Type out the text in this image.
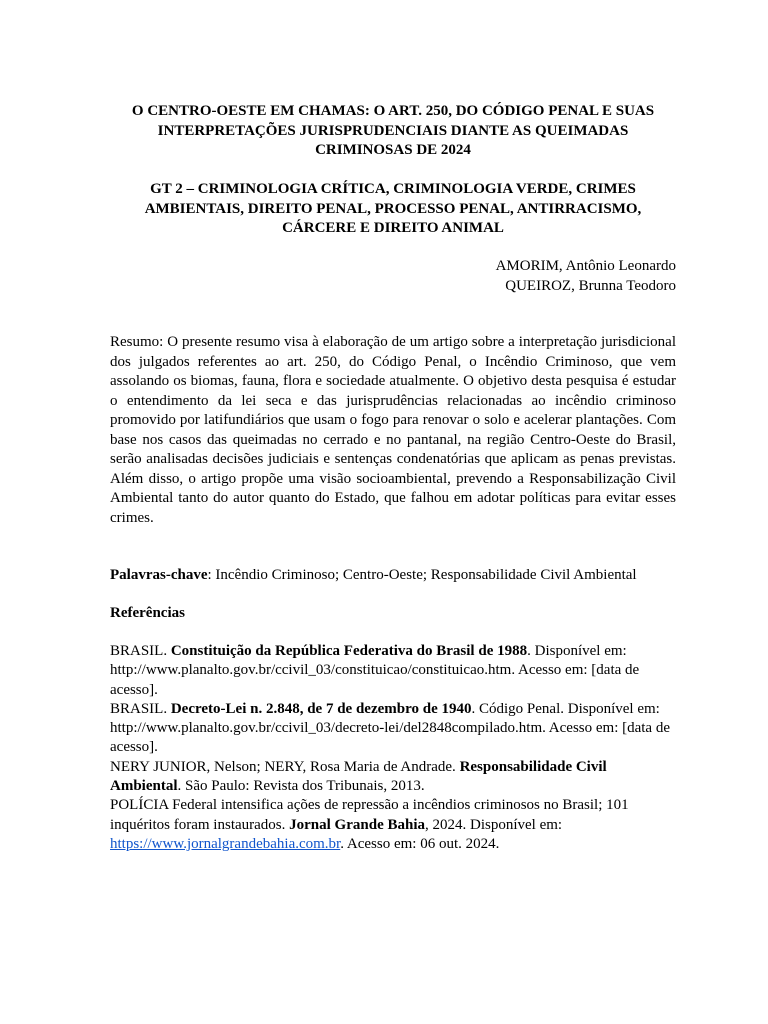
O CENTRO-OESTE EM CHAMAS: O ART. 250, DO CÓDIGO PENAL E SUAS INTERPRETAÇÕES JURISPRUDENCIAIS DIANTE AS QUEIMADAS CRIMINOSAS DE 2024
GT 2 – CRIMINOLOGIA CRÍTICA, CRIMINOLOGIA VERDE, CRIMES AMBIENTAIS, DIREITO PENAL, PROCESSO PENAL, ANTIRRACISMO, CÁRCERE E DIREITO ANIMAL
AMORIM, Antônio Leonardo
QUEIROZ, Brunna Teodoro

Resumo: O presente resumo visa à elaboração de um artigo sobre a interpretação jurisdicional dos julgados referentes ao art. 250, do Código Penal, o Incêndio Criminoso, que vem assolando os biomas, fauna, flora e sociedade atualmente. O objetivo desta pesquisa é estudar o entendimento da lei seca e das jurisprudências relacionadas ao incêndio criminoso promovido por latifundiários que usam o fogo para renovar o solo e acelerar plantações. Com base nos casos das queimadas no cerrado e no pantanal, na região Centro-Oeste do Brasil, serão analisadas decisões judiciais e sentenças condenatórias que aplicam as penas previstas. Além disso, o artigo propõe uma visão socioambiental, prevendo a Responsabilização Civil Ambiental tanto do autor quanto do Estado, que falhou em adotar políticas para evitar esses crimes.

Palavras-chave: Incêndio Criminoso; Centro-Oeste; Responsabilidade Civil Ambiental

Referências

BRASIL. Constituição da República Federativa do Brasil de 1988. Disponível em: http://www.planalto.gov.br/ccivil_03/constituicao/constituicao.htm. Acesso em: [data de acesso].

BRASIL. Decreto-Lei n. 2.848, de 7 de dezembro de 1940. Código Penal. Disponível em: http://www.planalto.gov.br/ccivil_03/decreto-lei/del2848compilado.htm. Acesso em: [data de acesso].

NERY JUNIOR, Nelson; NERY, Rosa Maria de Andrade. Responsabilidade Civil Ambiental. São Paulo: Revista dos Tribunais, 2013.

POLÍCIA Federal intensifica ações de repressão a incêndios criminosos no Brasil; 101 inquéritos foram instaurados. Jornal Grande Bahia, 2024. Disponível em: https://www.jornalgrandebahia.com.br. Acesso em: 06 out. 2024.
